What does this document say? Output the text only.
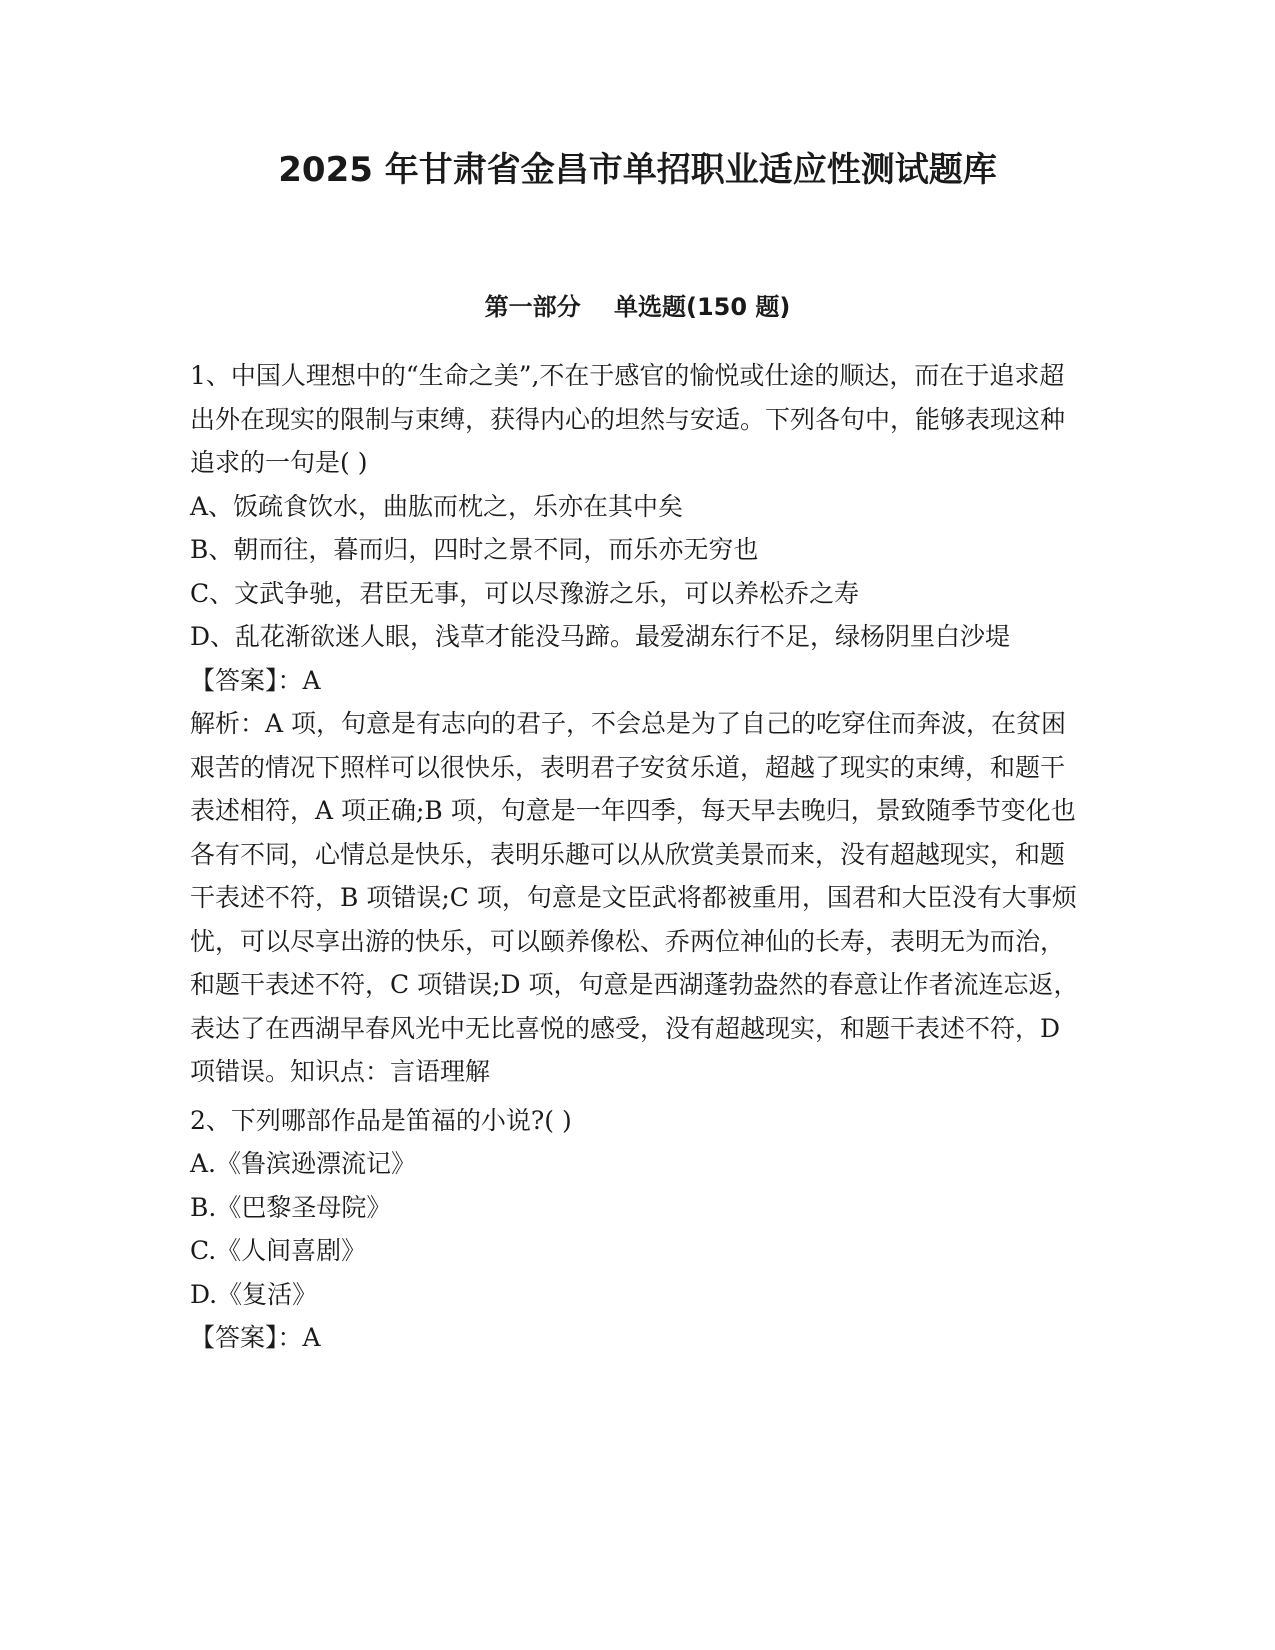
2025 年甘肃省金昌市单招职业适应性测试题库
第一部分    单选题(150 题)

1、中国人理想中的“生命之美”,不在于感官的愉悦或仕途的顺达，而在于追求超出外在现实的限制与束缚，获得内心的坦然与安适。下列各句中，能够表现这种追求的一句是( )

A、饭疏食饮水，曲肱而枕之，乐亦在其中矣

B、朝而往，暮而归，四时之景不同，而乐亦无穷也

C、文武争驰，君臣无事，可以尽豫游之乐，可以养松乔之寿

D、乱花渐欲迷人眼，浅草才能没马蹄。最爱湖东行不足，绿杨阴里白沙堤

【答案】：A

解析：A 项，句意是有志向的君子，不会总是为了自己的吃穿住而奔波，在贫困艰苦的情况下照样可以很快乐，表明君子安贫乐道，超越了现实的束缚，和题干表述相符，A 项正确;B 项，句意是一年四季，每天早去晚归，景致随季节变化也各有不同，心情总是快乐，表明乐趣可以从欣赏美景而来，没有超越现实，和题干表述不符，B 项错误;C 项，句意是文臣武将都被重用，国君和大臣没有大事烦忧，可以尽享出游的快乐，可以颐养像松、乔两位神仙的长寿，表明无为而治，和题干表述不符，C 项错误;D 项，句意是西湖蓬勃盎然的春意让作者流连忘返，表达了在西湖早春风光中无比喜悦的感受，没有超越现实，和题干表述不符，D 项错误。知识点：言语理解

2、下列哪部作品是笛福的小说?( )

A.《鲁滨逊漂流记》

B.《巴黎圣母院》

C.《人间喜剧》

D.《复活》

【答案】：A
